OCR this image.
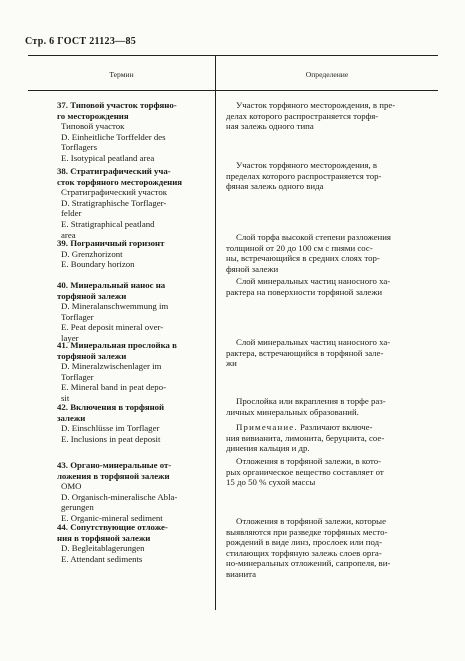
Стр. 6 ГОСТ 21123—85
Термин	Определение
37. Типовой участок торфяно-
го месторождения
Типовой участок
D. Einheitliche Torffelder des
Torflagers
E. Isotypical peatland area

Участок торфяного месторождения, в пре-

делах которого распространяется торфя-

ная залежь одного типа

38. Стратиграфический уча-
сток торфяного месторождения
Стратиграфический участок
D. Stratigraphische Torflager-
felder
E. Stratigraphical peatland
area

Участок торфяного месторождения, в

пределах которого распространяется тор-

фяная залежь одного вида

39. Пограничный горизонт
D. Grenzhorizont
E. Boundary horizon

Слой торфа высокой степени разложения

толщиной от 20 до 100 см с пнями сос-

ны, встречающийся в средних слоях тор-

фяной залежи

40. Минеральный нанос на
торфяной залежи
D. Mineralanschwemmung im
Torflager
E. Peat deposit mineral over-
layer

Слой минеральных частиц наносного ха-

рактера на поверхности торфяной залежи

41. Минеральная прослойка в
торфяной залежи
D. Mineralzwischenlager im
Torflager
E. Mineral band in peat depo-
sit

Слой минеральных частиц наносного ха-

рактера, встречающийся в торфяной зале-

жи

42. Включения в торфяной
залежи
D. Einschlüsse im Torflager
E. Inclusions in peat deposit

Прослойка или вкрапления в торфе раз-

личных минеральных образований.

Примечание. Различают включе-

ния вивианита, лимонита, беруцнита, сое-

динения кальция и др.

Отложения в торфяной залежи, в кото-

рых органическое вещество составляет от

15 до 50 % сухой массы

43. Органо-минеральные от-
ложения в торфяной залежи
ОМО
D. Organisch-mineralische Abla-
gerungen
E. Organic-mineral sediment
44. Сопутствующие отложе-
ния в торфяной залежи
D. Begleitablagerungen
E. Attendant sediments

Отложения в торфяной залежи, которые

выявляются при разведке торфяных место-

рождений в виде линз, прослоек или под-

стилающих торфяную залежь слоев орга-

но-минеральных отложений, сапропеля, ви-

вианита
